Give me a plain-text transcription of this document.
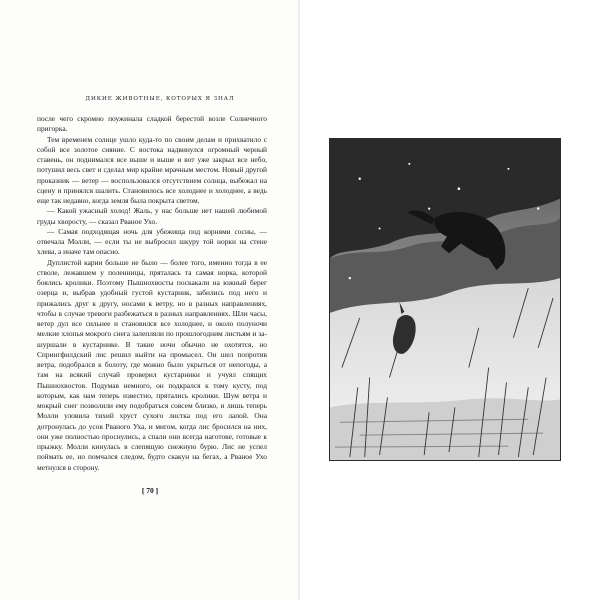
ДИКИЕ ЖИВОТНЫЕ, КОТОРЫХ Я ЗНАЛ

после чего скромно поужинала сладкой берестой возле Солнечного пригорка.

Тем временем солнце ушло куда-то по своим делам и прихватило с собой все золотое сияние. С востока надвинулся огромный черный ставень, он поднимался все выше и выше и вот уже закрыл все небо, потушил весь свет и сделал мир крайне мрачным местом. Новый другой проказник — ветер — воспользовался отсутствием солнца, выбежал на сцену и принялся шалить. Становилось все холоднее и холоднее, а ведь еще так недавно, когда земля была покрыта светом.

— Какой ужасный холод! Жаль, у нас больше нет нашей любимой груды хворосту, — сказал Рваное Ухо.

— Самая подходящая ночь для убежища под корнями сосны, — отвечала Молли, — если ты не выбросил шкуру той норки на стене хлева, а иначе там опасно.

Дуплистой карии больше не было — более того, именно тогда в ее стволе, лежавшем у поленницы, пряталась та самая норка, которой боялись кролики. Поэтому Пышнохвосты поскакали на южный берег озерца и, выбрав удобный густой кустарник, забились под него и прижались друг к другу, носами к ветру, но в разных направлениях, чтобы в случае тревоги разбежаться в разных направлениях. Шли часы, ветер дул все сильнее и становился все холоднее, и около полуночи мелкие хлопья мокрого снега залепляли по прошлогодним листьям и зашуршали в кустарнике. В такие ночи обычно не охотятся, но Спрингфилдский лис решил выйти на промысел. Он шел попротив ветра, подобрался к болоту, где можно было укрыться от непогоды, а там на всякий случай проверил кустарники и учуял спящих Пышнохвостов. Подумав немного, он подкрался к тому кусту, под которым, как нам теперь известно, прятались кролики. Шум ветра и мокрый снег позволили ему подобраться совсем близко, и лишь теперь Молли уловила тихий хруст сухого листка под его лапой. Она дотронулась до усов Рваного Уха, и мигом, когда лис бросился на них, они уже полностью проснулись, а спали они всегда наготове, готовые к прыжку. Молли кинулась в слепящую снежную бурю. Лис не успел поймать ее, но помчался следом, будто скакун на бегах, а Рваное Ухо метнулся в сторону.

[ 70 ]
